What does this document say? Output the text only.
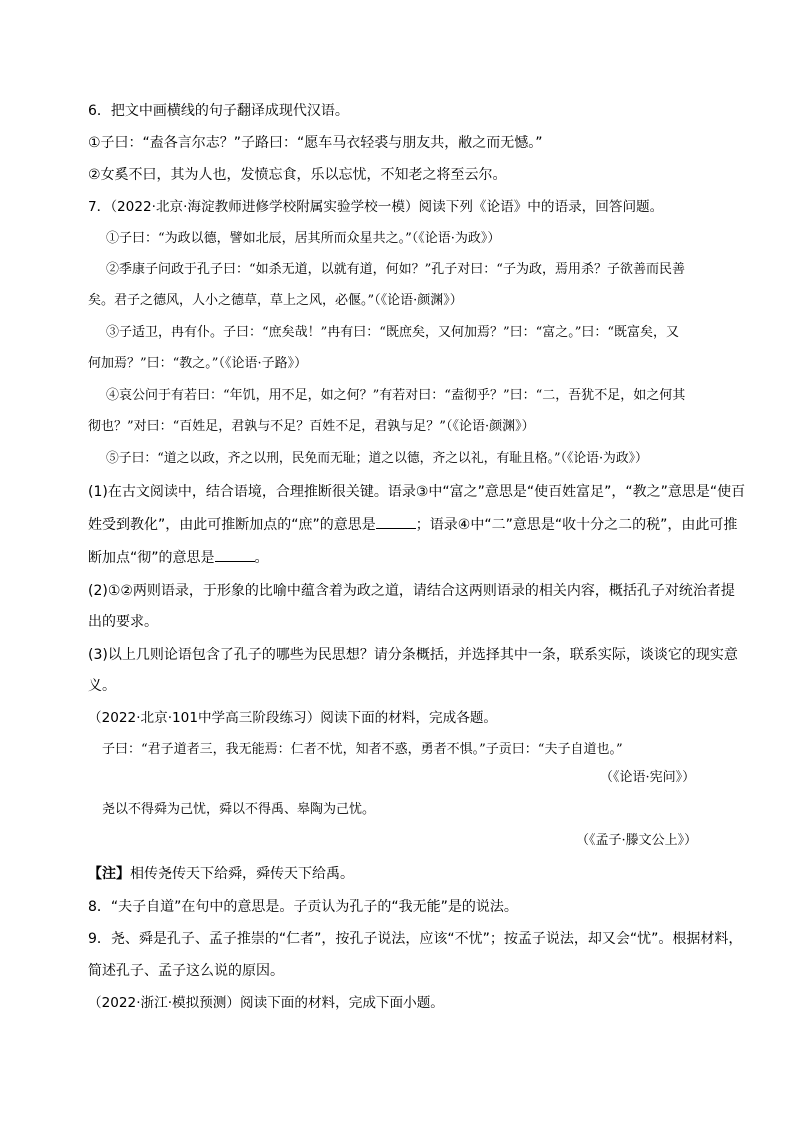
6．把文中画横线的句子翻译成现代汉语。
①子曰：“盍各言尔志？”子路曰：“愿车马衣轻裘与朋友共，敝之而无憾。”
②女奚不曰，其为人也，发愤忘食，乐以忘忧，不知老之将至云尔。
7．（2022·北京·海淀教师进修学校附属实验学校一模）阅读下列《论语》中的语录，回答问题。
①子曰：“为政以德，譬如北辰，居其所而众星共之。”（《论语·为政》）
②季康子问政于孔子曰：“如杀无道，以就有道，何如？”孔子对曰：“子为政，焉用杀？子欲善而民善
矣。君子之德风，人小之德草，草上之风，必偃。”（《论语·颜渊》）
③子适卫，冉有仆。子曰：“庶矣哉！”冉有曰：“既庶矣，又何加焉？”曰：“富之。”曰：“既富矣，又
何加焉？”曰：“教之。”（《论语·子路》）
④哀公问于有若曰：“年饥，用不足，如之何？”有若对曰：“盍彻乎？”曰：“二，吾犹不足，如之何其
彻也？”对曰：“百姓足，君孰与不足？百姓不足，君孰与足？”（《论语·颜渊》）
⑤子曰：“道之以政，齐之以刑，民免而无耻；道之以德，齐之以礼，有耻且格。”（《论语·为政》）
(1)在古文阅读中，结合语境，合理推断很关键。语录③中“富之”意思是“使百姓富足”，“教之”意思是“使百
姓受到教化”，由此可推断加点的“庶”的意思是	；语录④中“二”意思是“收十分之二的税”，由此可推
断加点“彻”的意思是	。
(2)①②两则语录，于形象的比喻中蕴含着为政之道，请结合这两则语录的相关内容，概括孔子对统治者提
出的要求。
(3)以上几则论语包含了孔子的哪些为民思想？请分条概括，并选择其中一条，联系实际，谈谈它的现实意
义。
（2022·北京·101中学高三阶段练习）阅读下面的材料，完成各题。
子曰：“君子道者三，我无能焉：仁者不忧，知者不惑，勇者不惧。”子贡曰：“夫子自道也。”
（《论语·宪问》）
尧以不得舜为己忧，舜以不得禹、皋陶为己忧。
（《孟子·滕文公上》）
【注】相传尧传天下给舜，舜传天下给禹。
8．“夫子自道”在句中的意思是。子贡认为孔子的“我无能”是的说法。
9．尧、舜是孔子、孟子推崇的“仁者”，按孔子说法，应该“不忧”；按孟子说法，却又会“忧”。根据材料，
简述孔子、孟子这么说的原因。
（2022·浙江·模拟预测）阅读下面的材料，完成下面小题。
